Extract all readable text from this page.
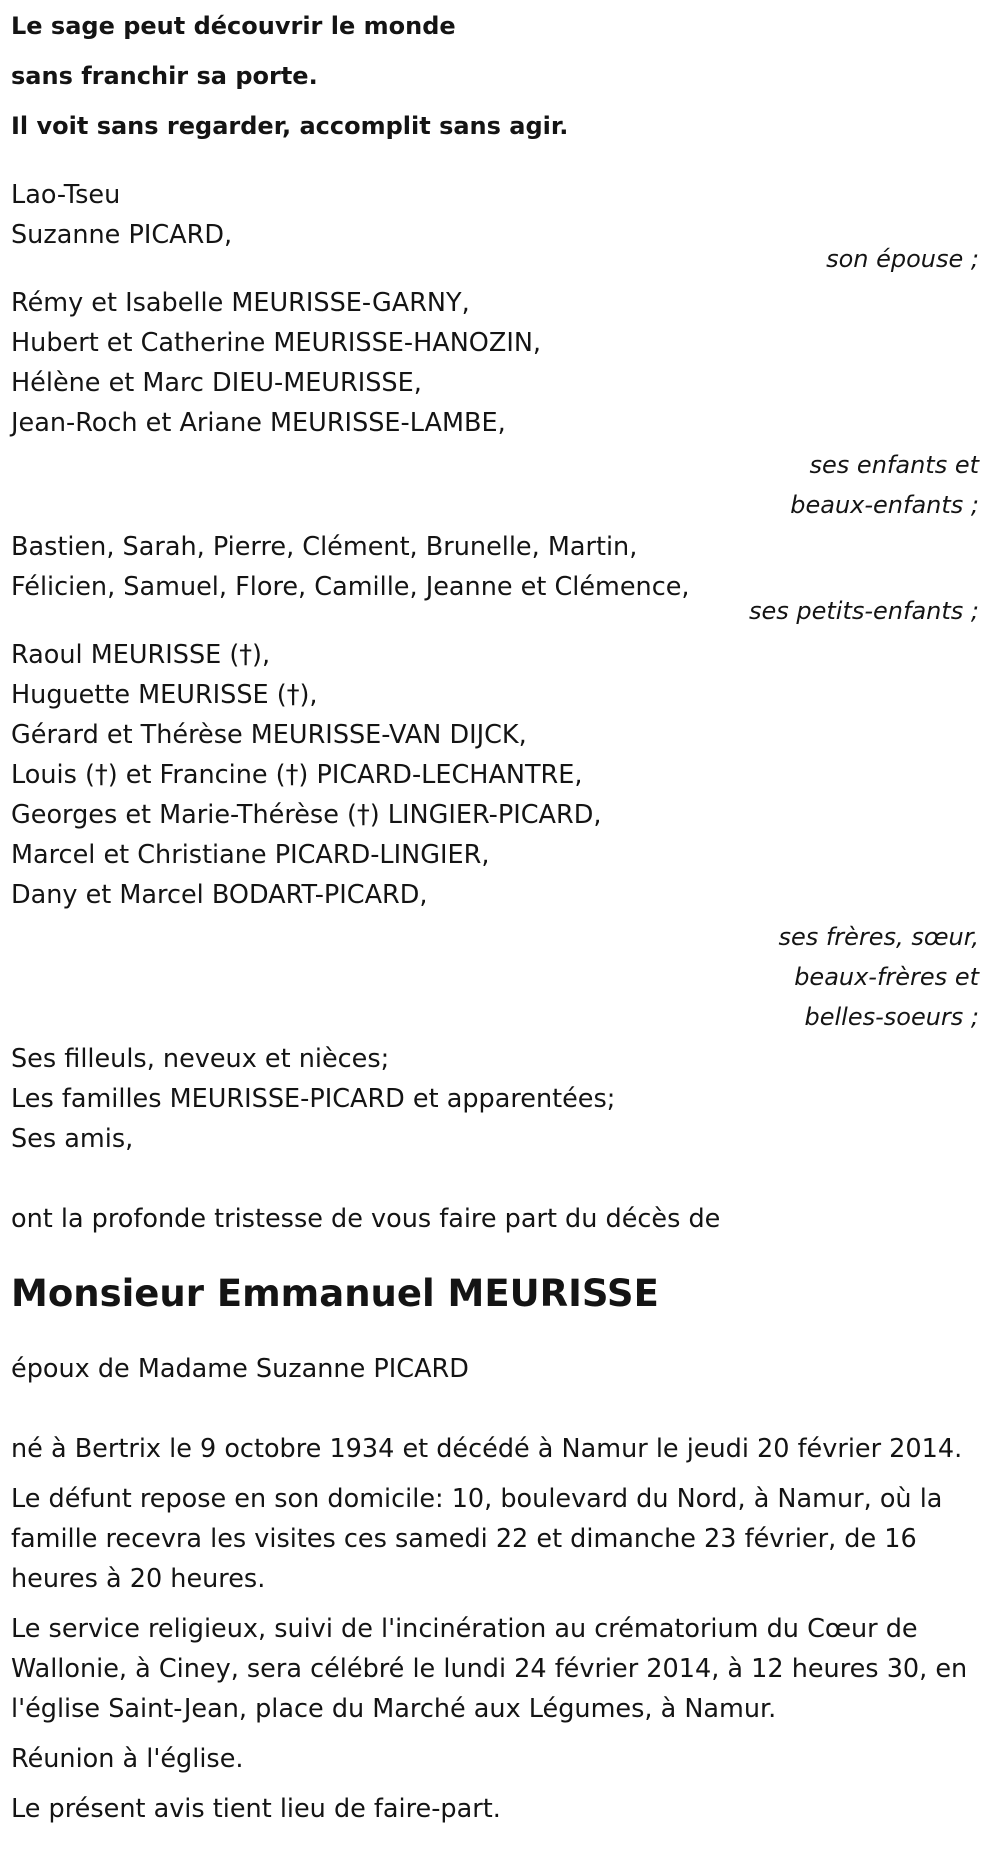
Le sage peut découvrir le monde
sans franchir sa porte.
Il voit sans regarder, accomplit sans agir.
Lao-Tseu
Suzanne PICARD,
son épouse ;
Rémy et Isabelle MEURISSE-GARNY,
Hubert et Catherine MEURISSE-HANOZIN,
Hélène et Marc DIEU-MEURISSE,
Jean-Roch et Ariane MEURISSE-LAMBE,
ses enfants et
beaux-enfants ;
Bastien, Sarah, Pierre, Clément, Brunelle, Martin,
Félicien, Samuel, Flore, Camille, Jeanne et Clémence,
ses petits-enfants ;
Raoul MEURISSE (†),
Huguette MEURISSE (†),
Gérard et Thérèse MEURISSE-VAN DIJCK,
Louis (†) et Francine (†) PICARD-LECHANTRE,
Georges et Marie-Thérèse (†) LINGIER-PICARD,
Marcel et Christiane PICARD-LINGIER,
Dany et Marcel BODART-PICARD,
ses frères, sœur,
beaux-frères et
belles-soeurs ;
Ses filleuls, neveux et nièces;
Les familles MEURISSE-PICARD et apparentées;
Ses amis,
ont la profonde tristesse de vous faire part du décès de
Monsieur Emmanuel MEURISSE
époux de Madame Suzanne PICARD
né à Bertrix le 9 octobre 1934 et décédé à Namur le jeudi 20 février 2014.
Le défunt repose en son domicile: 10, boulevard du Nord, à Namur, où la famille recevra les visites ces samedi 22 et dimanche 23 février, de 16 heures à 20 heures.
Le service religieux, suivi de l'incinération au crématorium du Cœur de Wallonie, à Ciney, sera célébré le lundi 24 février 2014, à 12 heures 30, en l'église Saint-Jean, place du Marché aux Légumes, à Namur.
Réunion à l'église.
Le présent avis tient lieu de faire-part.
